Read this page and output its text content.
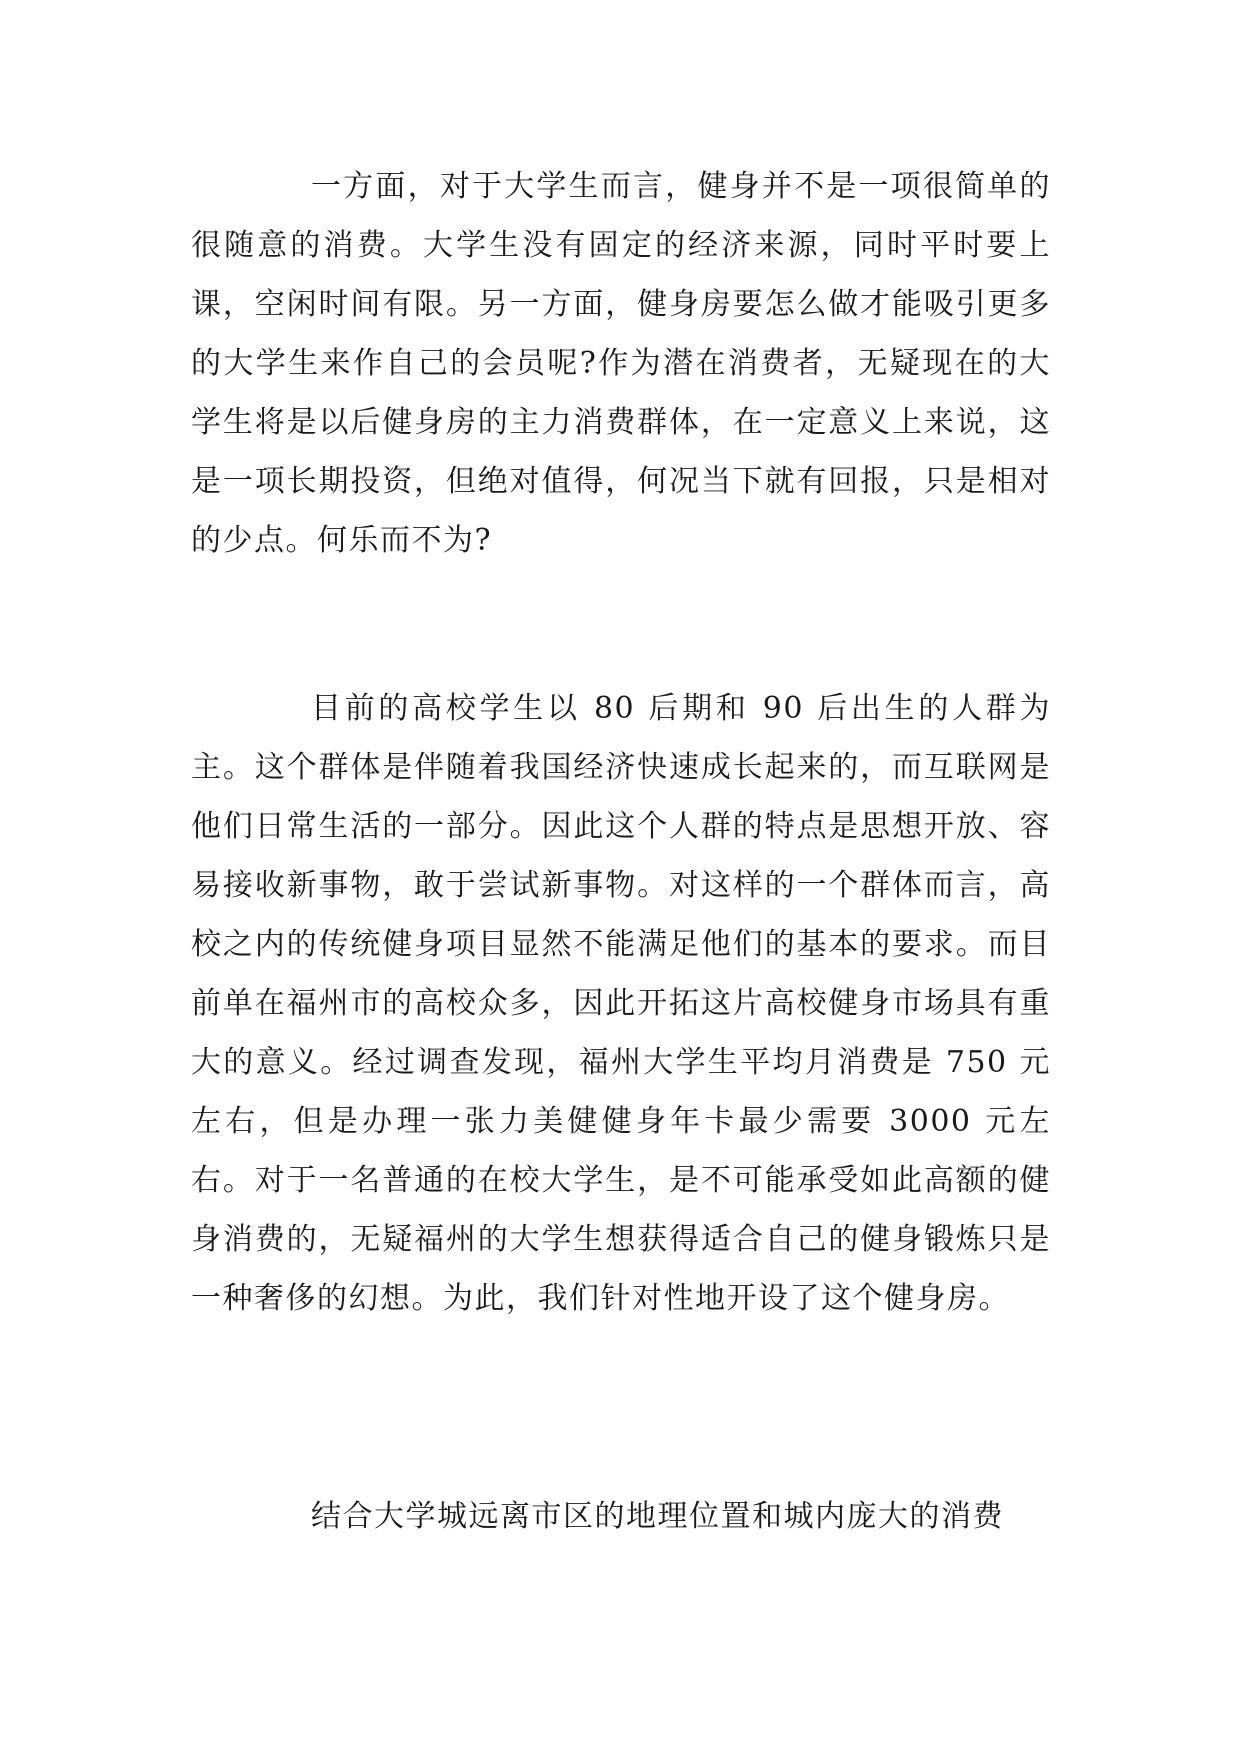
一方面，对于大学生而言，健身并不是一项很简单的很随意的消费。大学生没有固定的经济来源，同时平时要上课，空闲时间有限。另一方面，健身房要怎么做才能吸引更多的大学生来作自己的会员呢?作为潜在消费者，无疑现在的大学生将是以后健身房的主力消费群体，在一定意义上来说，这是一项长期投资，但绝对值得，何况当下就有回报，只是相对的少点。何乐而不为?

目前的高校学生以 80 后期和 90 后出生的人群为主。这个群体是伴随着我国经济快速成长起来的，而互联网是他们日常生活的一部分。因此这个人群的特点是思想开放、容易接收新事物，敢于尝试新事物。对这样的一个群体而言，高校之内的传统健身项目显然不能满足他们的基本的要求。而目前单在福州市的高校众多，因此开拓这片高校健身市场具有重大的意义。经过调查发现，福州大学生平均月消费是 750 元左右，但是办理一张力美健健身年卡最少需要 3000 元左右。对于一名普通的在校大学生，是不可能承受如此高额的健身消费的，无疑福州的大学生想获得适合自己的健身锻炼只是一种奢侈的幻想。为此，我们针对性地开设了这个健身房。

结合大学城远离市区的地理位置和城内庞大的消费
